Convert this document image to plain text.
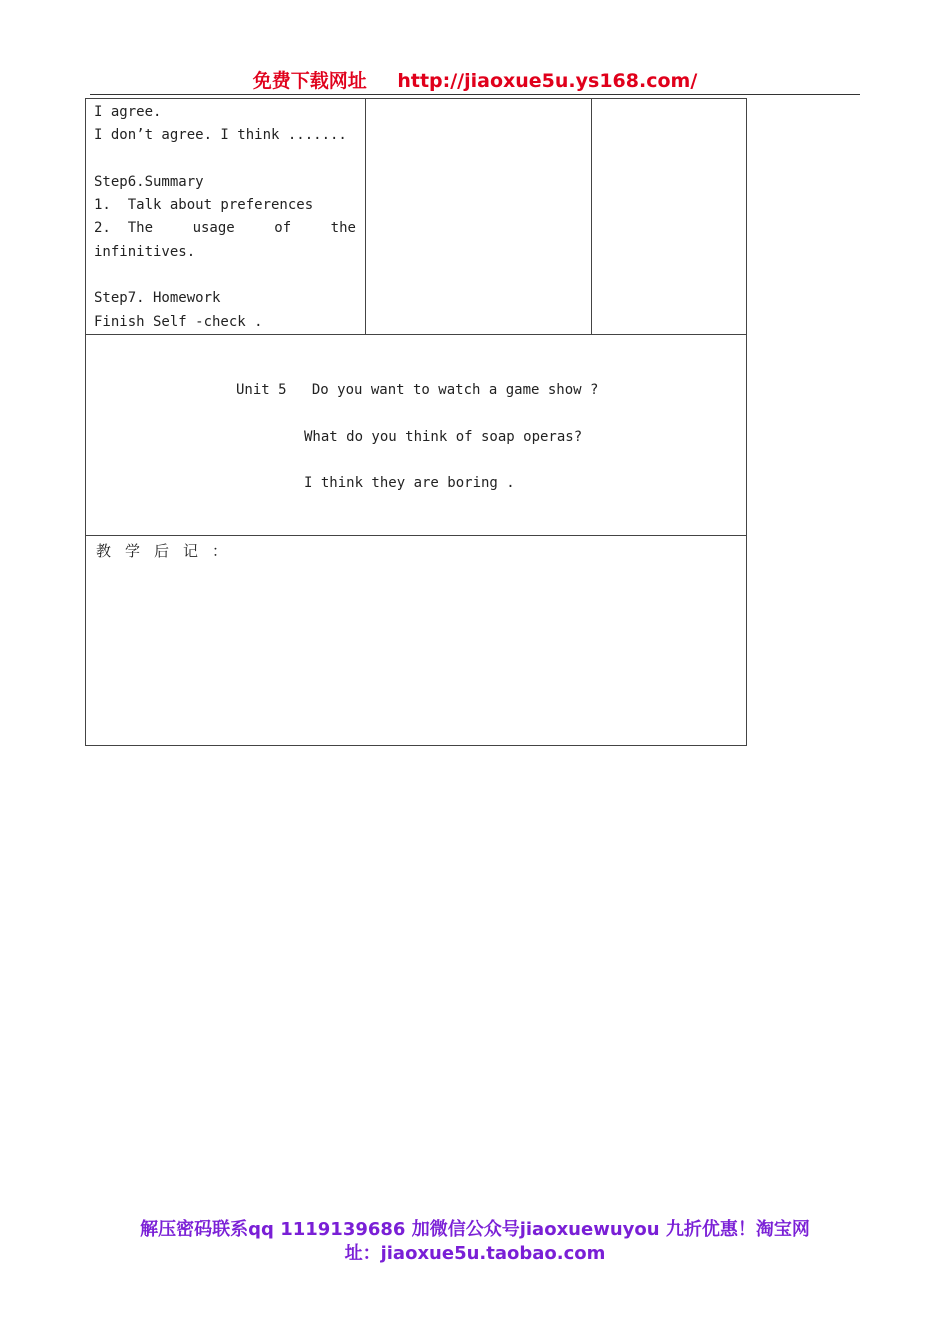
免费下载网址 http://jiaoxue5u.ys168.com/
I agree.
I don’t agree. I think .......
Step6.Summary
1.  Talk about preferences
2.  The	usage	of	the
infinitives.
Step7. Homework
Finish Self -check .

Unit 5   Do you want to watch a game show ?
What do you think of soap operas?
I think they are boring .

教学后记：
解压密码联系qq 1119139686 加微信公众号jiaoxuewuyou 九折优惠！淘宝网
址：jiaoxue5u.taobao.com
